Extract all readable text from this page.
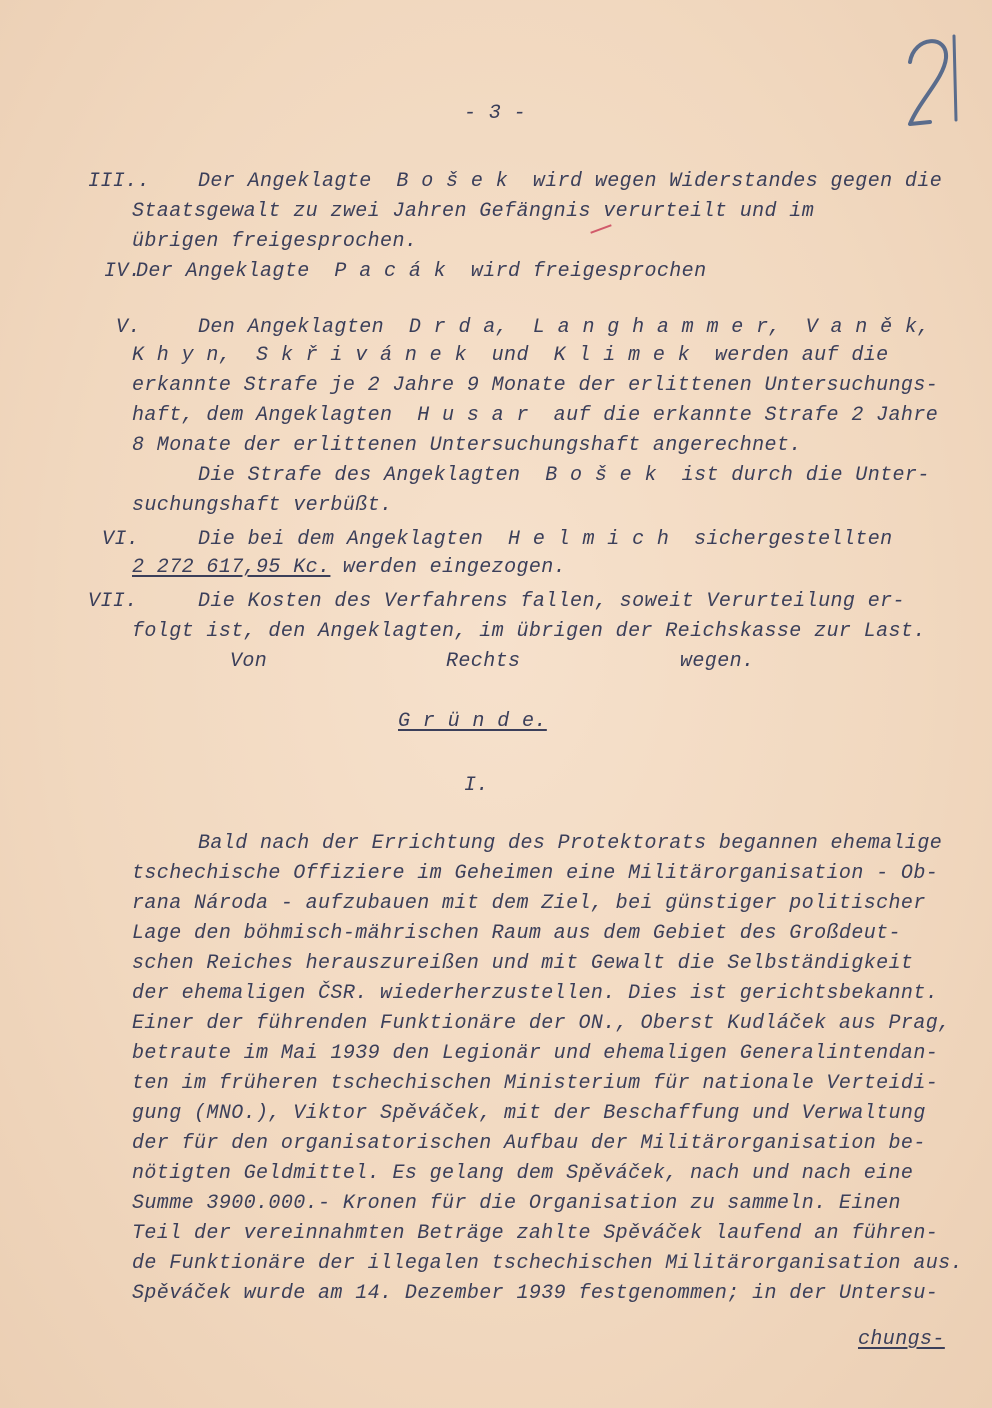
- 3 -
III.. Der Angeklagte  B o š e k  wird wegen Widerstandes gegen die
Staatsgewalt zu zwei Jahren Gefängnis verurteilt und im
übrigen freigesprochen.
IV.
Der Angeklagte  P a c á k  wird freigesprochen
V.	Den Angeklagten  D r d a,  L a n g h a m m e r,  V a n ě k,
K h y n,  S k ř i v á n e k  und  K l i m e k  werden auf die
erkannte Strafe je 2 Jahre 9 Monate der erlittenen Untersuchungs-
haft, dem Angeklagten  H u s a r  auf die erkannte Strafe 2 Jahre
8 Monate der erlittenen Untersuchungshaft angerechnet.
Die Strafe des Angeklagten  B o š e k  ist durch die Unter-
suchungshaft verbüßt.
VI.	Die bei dem Angeklagten  H e l m i c h  sichergestellten
2 272 617,95 Kc. werden eingezogen.
VII.	Die Kosten des Verfahrens fallen, soweit Verurteilung er-
folgt ist, den Angeklagten, im übrigen der Reichskasse zur Last.
Von	Rechts	wegen.
G r ü n d e.
I.
Bald nach der Errichtung des Protektorats begannen ehemalige
tschechische Offiziere im Geheimen eine Militärorganisation - Ob-
rana Národa - aufzubauen mit dem Ziel, bei günstiger politischer
Lage den böhmisch-mährischen Raum aus dem Gebiet des Großdeut-
schen Reiches herauszureißen und mit Gewalt die Selbständigkeit
der ehemaligen ČSR. wiederherzustellen. Dies ist gerichtsbekannt.
Einer der führenden Funktionäre der ON., Oberst Kudláček aus Prag,
betraute im Mai 1939 den Legionär und ehemaligen Generalintendan-
ten im früheren tschechischen Ministerium für nationale Verteidi-
gung (MNO.), Viktor Spěváček, mit der Beschaffung und Verwaltung
der für den organisatorischen Aufbau der Militärorganisation be-
nötigten Geldmittel. Es gelang dem Spěváček, nach und nach eine
Summe 3900.000.- Kronen für die Organisation zu sammeln. Einen
Teil der vereinnahmten Beträge zahlte Spěváček laufend an führen-
de Funktionäre der illegalen tschechischen Militärorganisation aus.
Spěváček wurde am 14. Dezember 1939 festgenommen; in der Untersu-
chungs-
